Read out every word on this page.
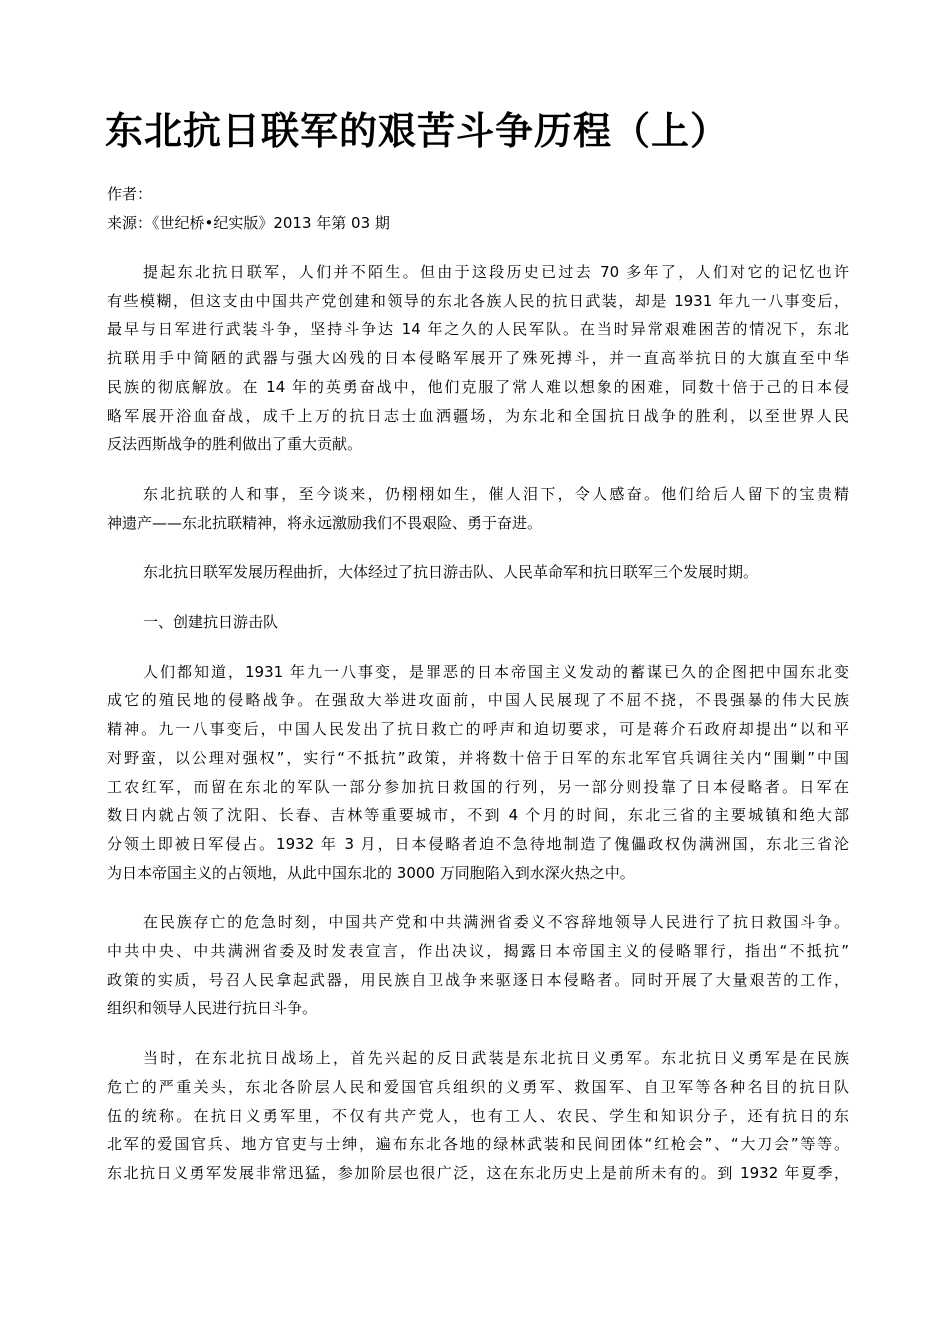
东北抗日联军的艰苦斗争历程（上）
作者：
来源：《世纪桥•纪实版》2013 年第 03 期
提起东北抗日联军，人们并不陌生。但由于这段历史已过去 70 多年了，人们对它的记忆也许
有些模糊，但这支由中国共产党创建和领导的东北各族人民的抗日武装，却是 1931 年九一八事变后，
最早与日军进行武装斗争，坚持斗争达 14 年之久的人民军队。在当时异常艰难困苦的情况下，东北
抗联用手中简陋的武器与强大凶残的日本侵略军展开了殊死搏斗，并一直高举抗日的大旗直至中华
民族的彻底解放。在 14 年的英勇奋战中，他们克服了常人难以想象的困难，同数十倍于己的日本侵
略军展开浴血奋战，成千上万的抗日志士血洒疆场，为东北和全国抗日战争的胜利，以至世界人民
反法西斯战争的胜利做出了重大贡献。
东北抗联的人和事，至今谈来，仍栩栩如生，催人泪下，令人感奋。他们给后人留下的宝贵精
神遗产——东北抗联精神，将永远激励我们不畏艰险、勇于奋进。
东北抗日联军发展历程曲折，大体经过了抗日游击队、人民革命军和抗日联军三个发展时期。
一、创建抗日游击队
人们都知道，1931 年九一八事变，是罪恶的日本帝国主义发动的蓄谋已久的企图把中国东北变
成它的殖民地的侵略战争。在强敌大举进攻面前，中国人民展现了不屈不挠，不畏强暴的伟大民族
精神。九一八事变后，中国人民发出了抗日救亡的呼声和迫切要求，可是蒋介石政府却提出“以和平
对野蛮，以公理对强权”，实行“不抵抗”政策，并将数十倍于日军的东北军官兵调往关内“围剿”中国
工农红军，而留在东北的军队一部分参加抗日救国的行列，另一部分则投靠了日本侵略者。日军在
数日内就占领了沈阳、长春、吉林等重要城市，不到 4 个月的时间，东北三省的主要城镇和绝大部
分领土即被日军侵占。1932 年 3 月，日本侵略者迫不急待地制造了傀儡政权伪满洲国，东北三省沦
为日本帝国主义的占领地，从此中国东北的 3000 万同胞陷入到水深火热之中。
在民族存亡的危急时刻，中国共产党和中共满洲省委义不容辞地领导人民进行了抗日救国斗争。
中共中央、中共满洲省委及时发表宣言，作出决议，揭露日本帝国主义的侵略罪行，指出“不抵抗”
政策的实质，号召人民拿起武器，用民族自卫战争来驱逐日本侵略者。同时开展了大量艰苦的工作，
组织和领导人民进行抗日斗争。
当时，在东北抗日战场上，首先兴起的反日武装是东北抗日义勇军。东北抗日义勇军是在民族
危亡的严重关头，东北各阶层人民和爱国官兵组织的义勇军、救国军、自卫军等各种名目的抗日队
伍的统称。在抗日义勇军里，不仅有共产党人，也有工人、农民、学生和知识分子，还有抗日的东
北军的爱国官兵、地方官吏与士绅，遍布东北各地的绿林武装和民间团体“红枪会”、“大刀会”等等。
东北抗日义勇军发展非常迅猛，参加阶层也很广泛，这在东北历史上是前所未有的。到 1932 年夏季，
